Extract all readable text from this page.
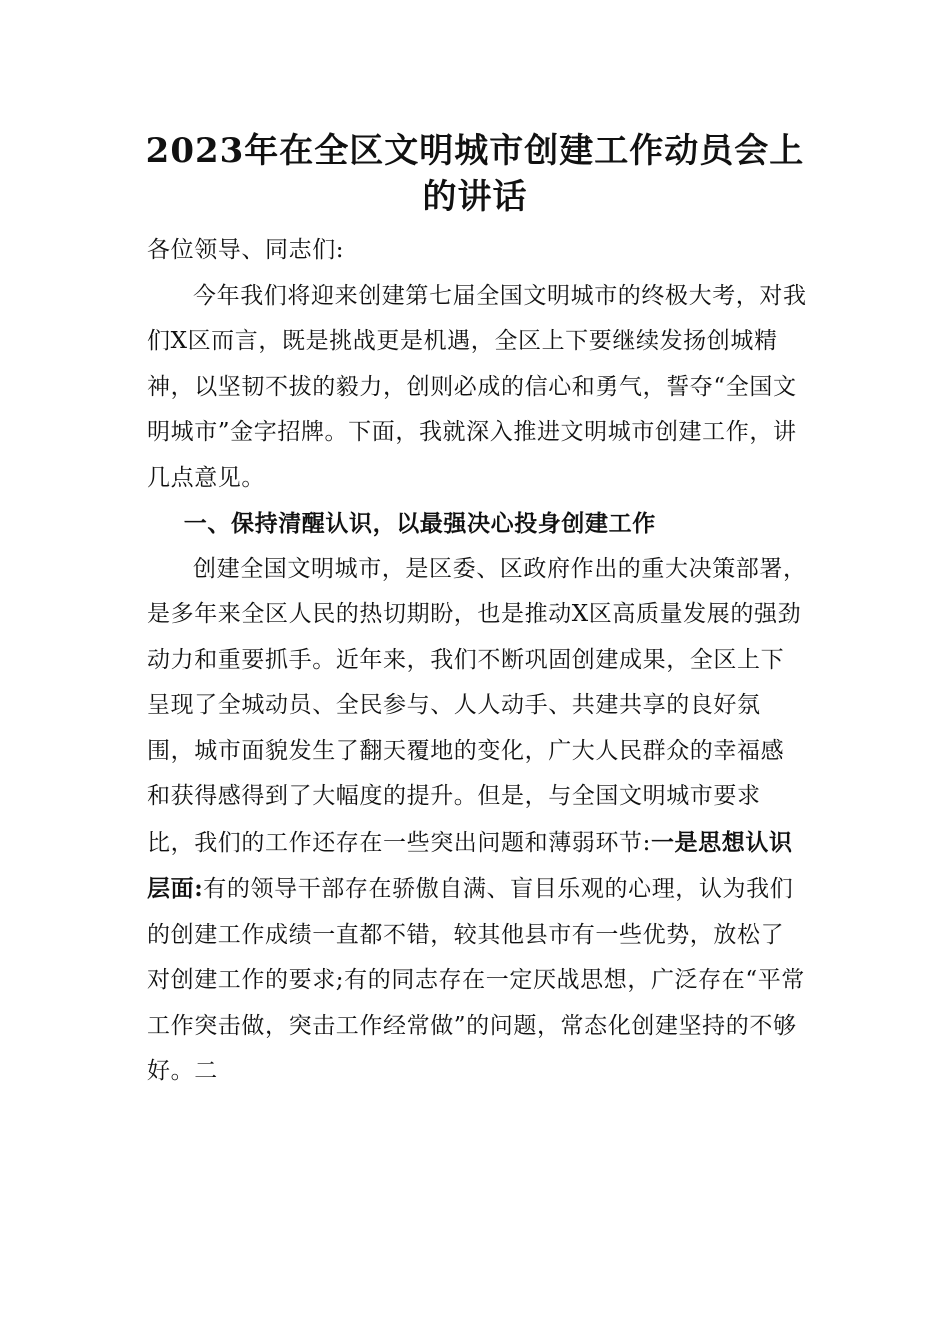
2023年在全区文明城市创建工作动员会上的讲话

各位领导、同志们:

今年我们将迎来创建第七届全国文明城市的终极大考，对我们X区而言，既是挑战更是机遇，全区上下要继续发扬创城精神，以坚韧不拔的毅力，创则必成的信心和勇气，誓夺“全国文明城市”金字招牌。下面，我就深入推进文明城市创建工作，讲几点意见。

一、保持清醒认识，以最强决心投身创建工作

创建全国文明城市，是区委、区政府作出的重大决策部署，是多年来全区人民的热切期盼，也是推动X区高质量发展的强劲动力和重要抓手。近年来，我们不断巩固创建成果，全区上下呈现了全城动员、全民参与、人人动手、共建共享的良好氛围，城市面貌发生了翻天覆地的变化，广大人民群众的幸福感和获得感得到了大幅度的提升。但是，与全国文明城市要求比，我们的工作还存在一些突出问题和薄弱环节:一是思想认识层面:有的领导干部存在骄傲自满、盲目乐观的心理，认为我们的创建工作成绩一直都不错，较其他县市有一些优势，放松了对创建工作的要求;有的同志存在一定厌战思想，广泛存在“平常工作突击做，突击工作经常做”的问题，常态化创建坚持的不够好。二
